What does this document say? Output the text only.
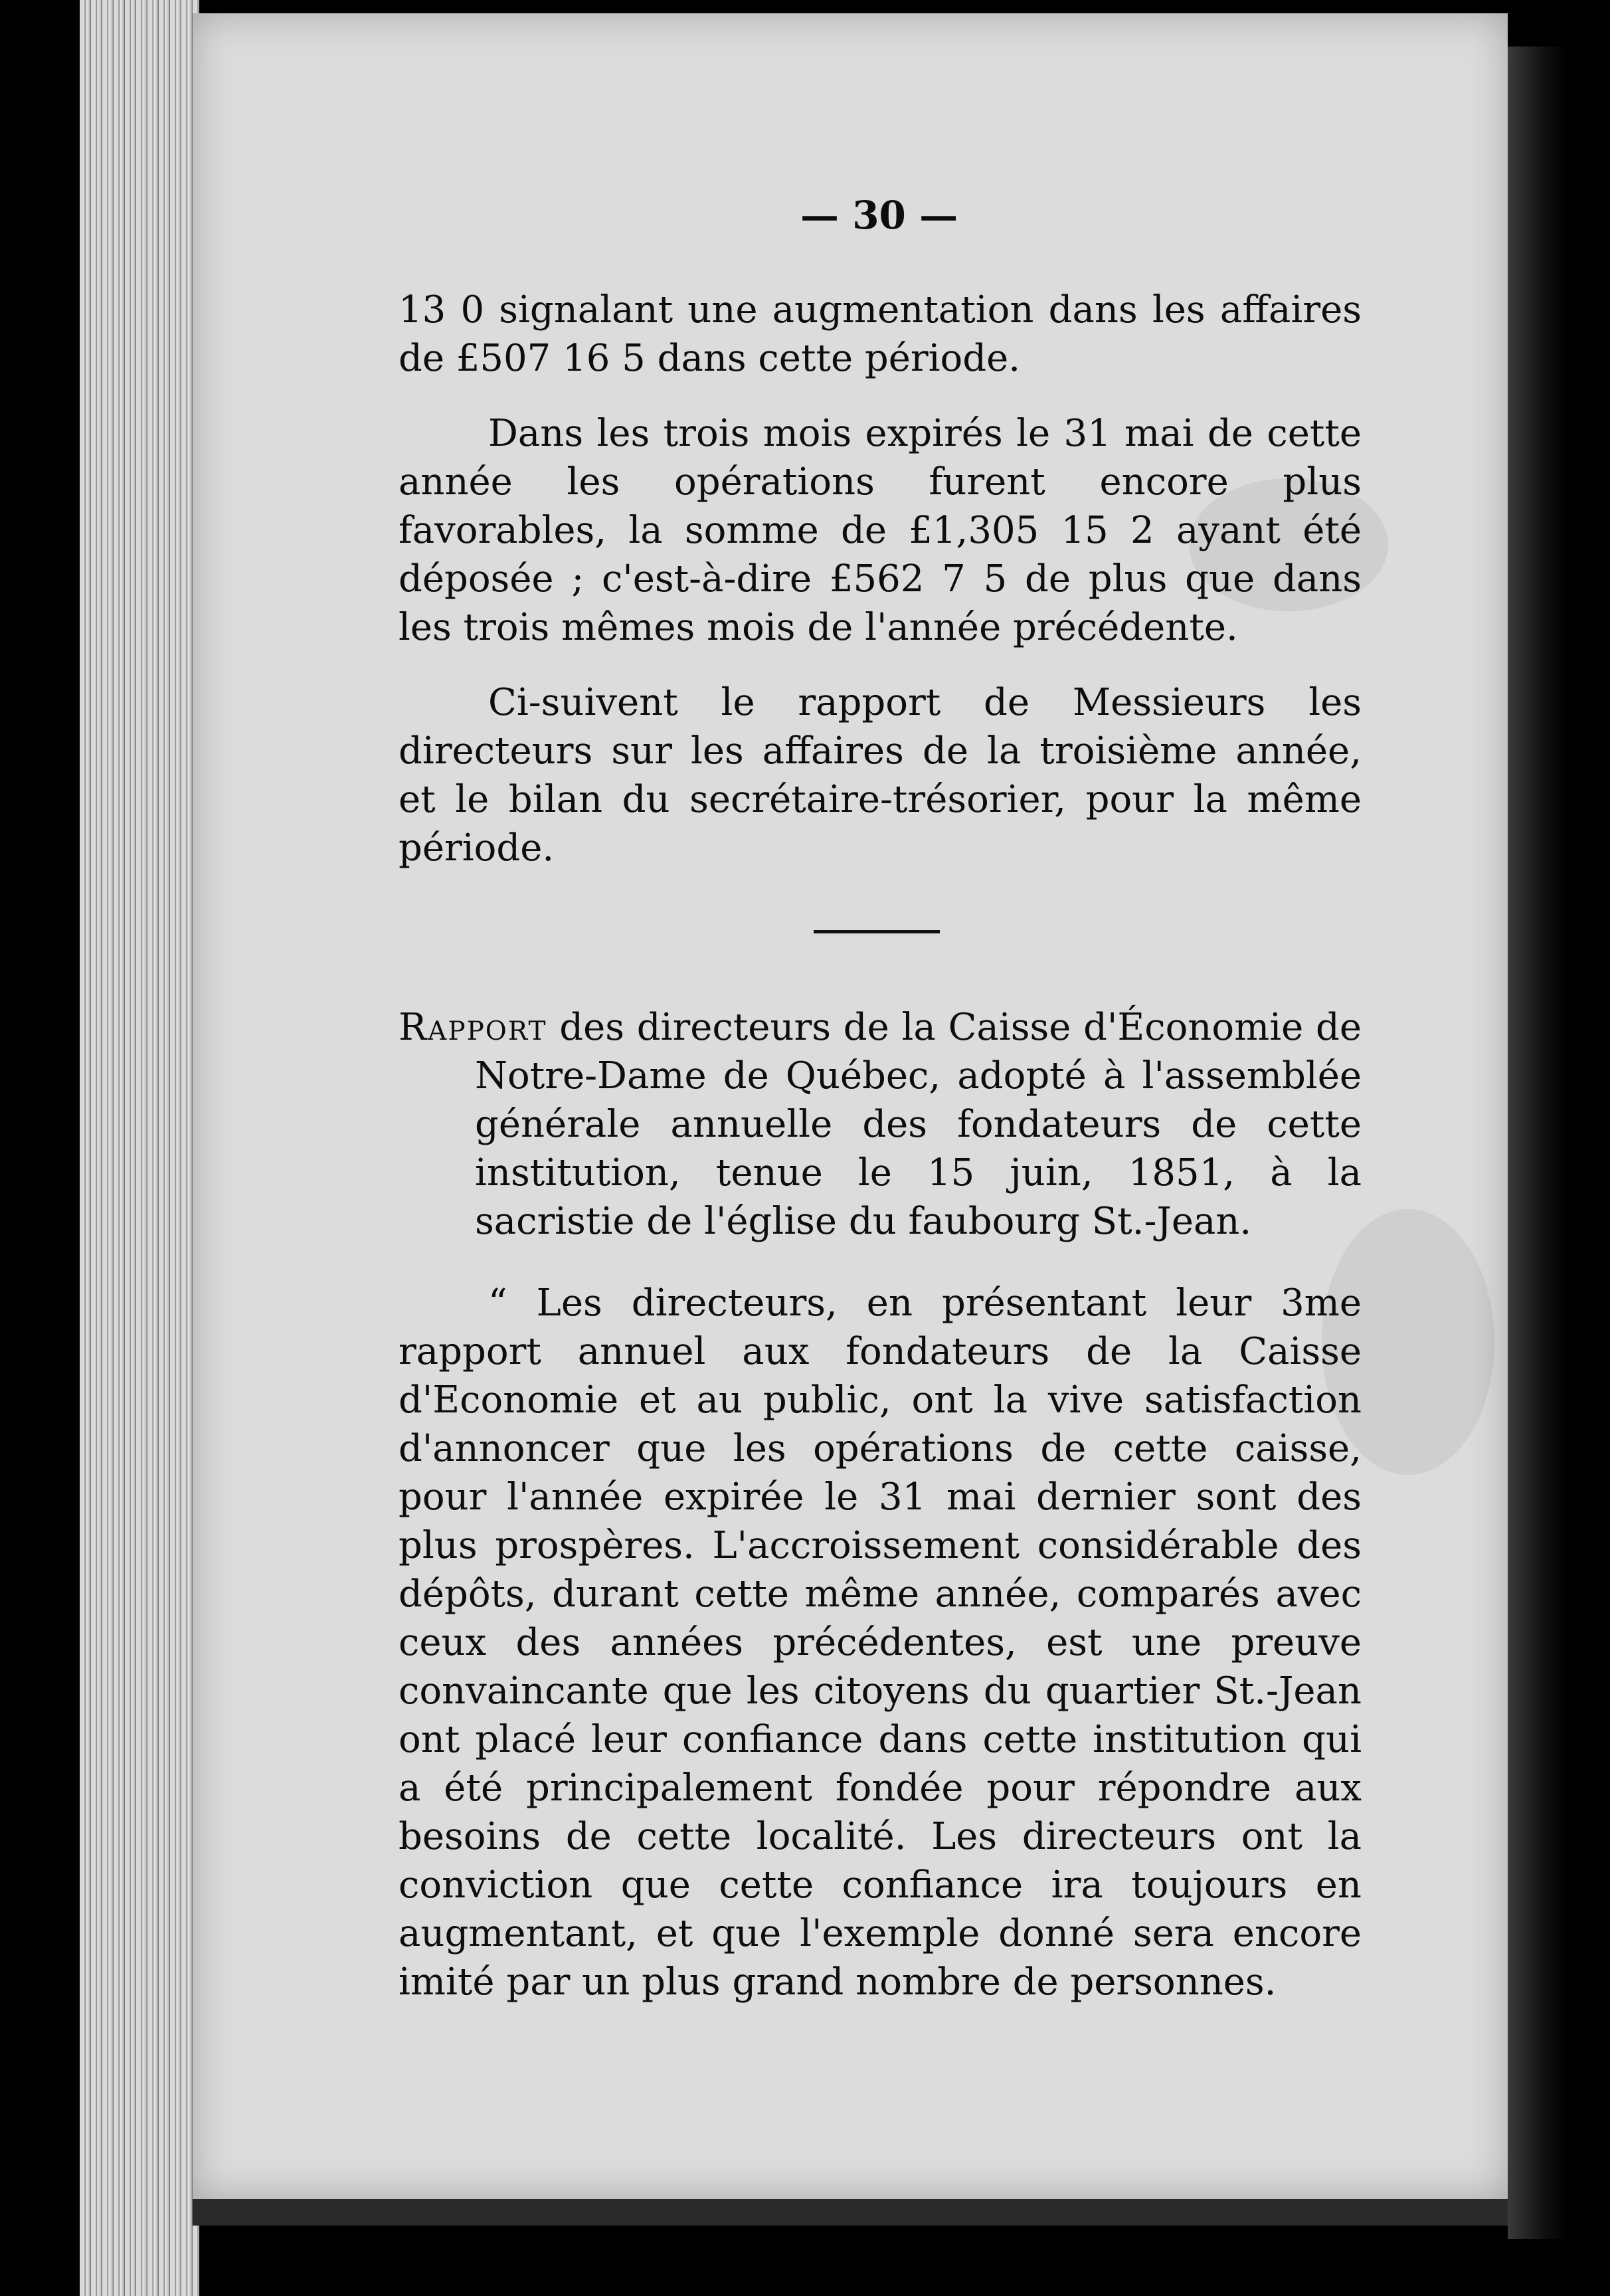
— 30 —

13 0 signalant une augmentation dans les affaires de £507 16 5 dans cette période.

Dans les trois mois expirés le 31 mai de cette année les opérations furent encore plus favorables, la somme de £1,305 15 2 ayant été déposée ; c'est-à-dire £562 7 5 de plus que dans les trois mêmes mois de l'année précédente.

Ci-suivent le rapport de Messieurs les directeurs sur les affaires de la troisième année, et le bilan du secrétaire-trésorier, pour la même période.

Rapport des directeurs de la Caisse d'Économie de Notre-Dame de Québec, adopté à l'assemblée générale annuelle des fondateurs de cette institution, tenue le 15 juin, 1851, à la sacristie de l'église du faubourg St.-Jean.

“ Les directeurs, en présentant leur 3me rapport annuel aux fondateurs de la Caisse d'Economie et au public, ont la vive satisfaction d'annoncer que les opérations de cette caisse, pour l'année expirée le 31 mai dernier sont des plus prospères. L'accroissement considérable des dépôts, durant cette même année, comparés avec ceux des années précédentes, est une preuve convaincante que les citoyens du quartier St.-Jean ont placé leur confiance dans cette institution qui a été principalement fondée pour répondre aux besoins de cette localité. Les directeurs ont la conviction que cette confiance ira toujours en augmentant, et que l'exemple donné sera encore imité par un plus grand nombre de personnes.
